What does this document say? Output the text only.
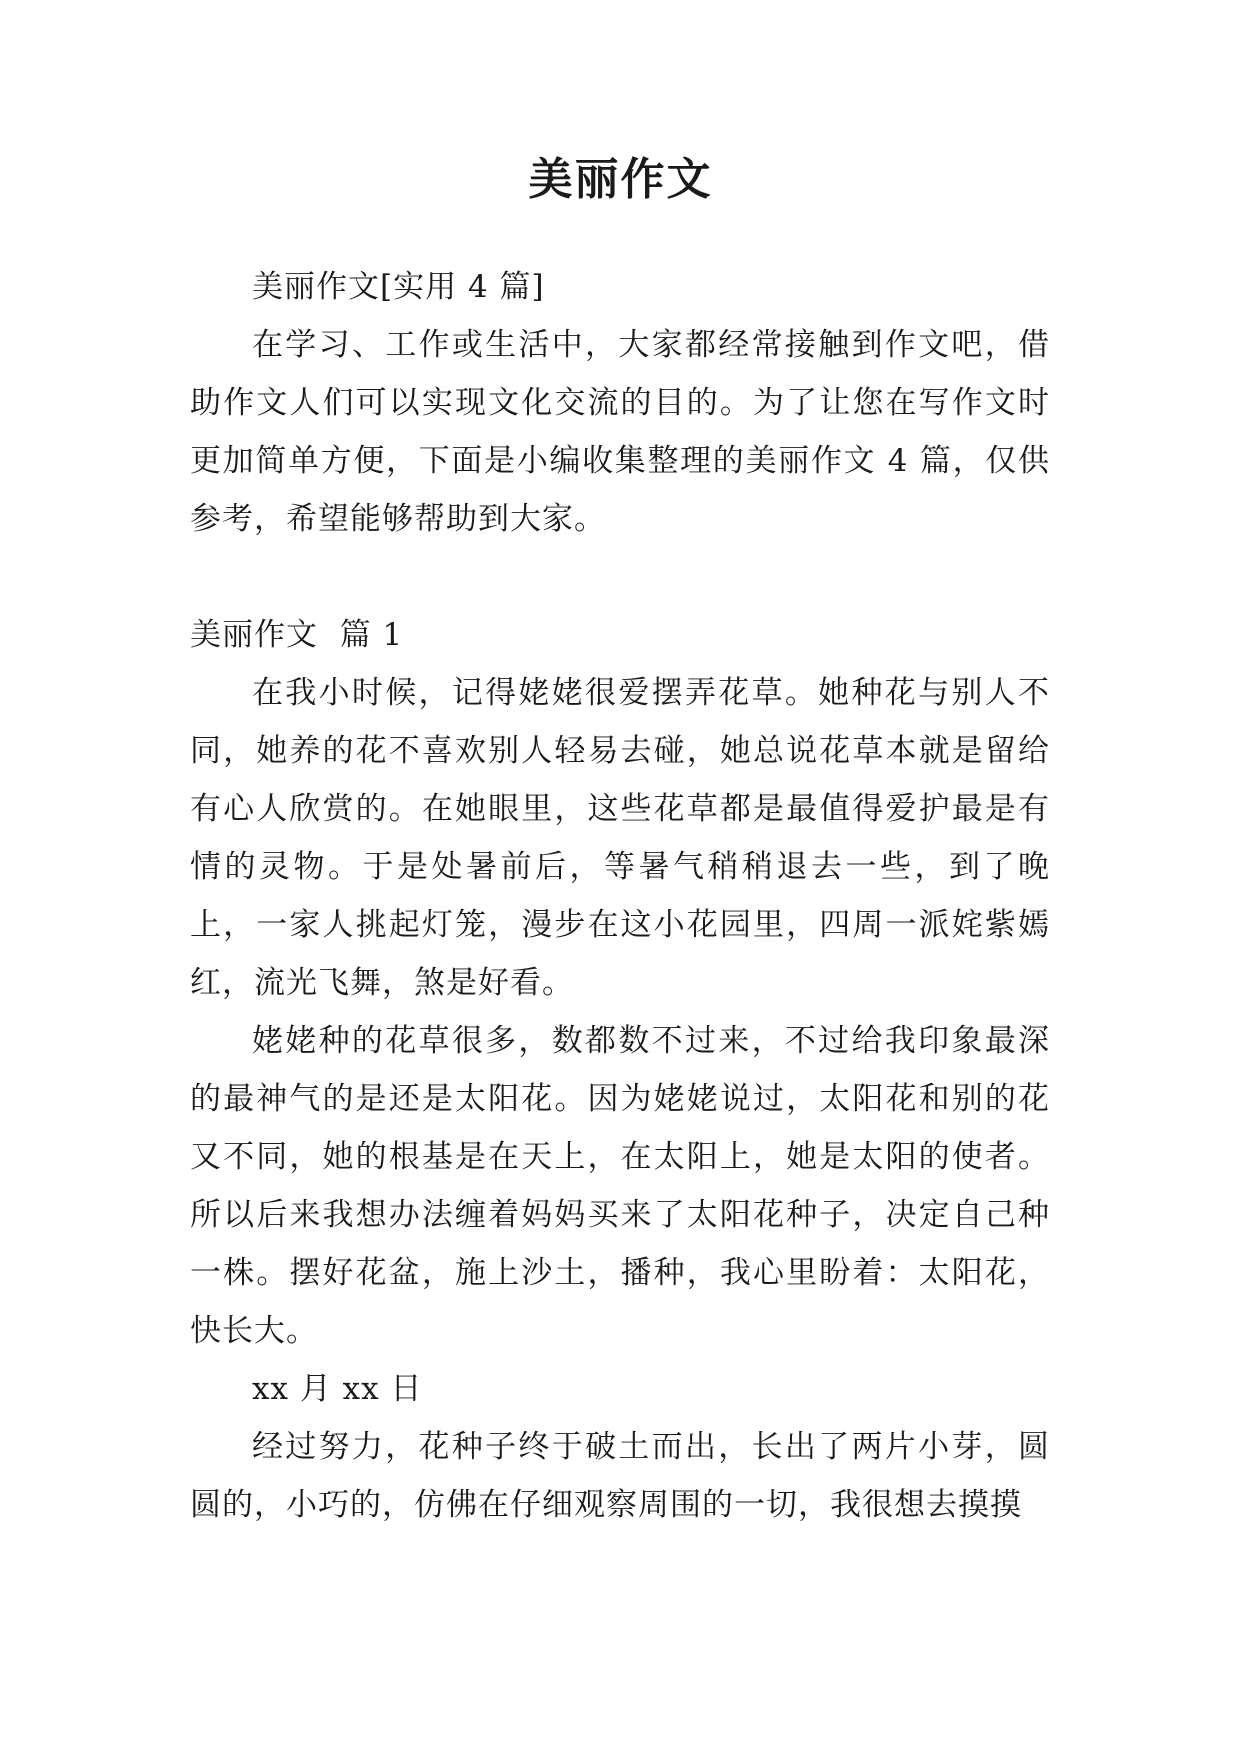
美丽作文

美丽作文[实用 4 篇]

在学习、工作或生活中，大家都经常接触到作文吧，借助作文人们可以实现文化交流的目的。为了让您在写作文时更加简单方便，下面是小编收集整理的美丽作文 4 篇，仅供参考，希望能够帮助到大家。

美丽作文  篇 1

在我小时候，记得姥姥很爱摆弄花草。她种花与别人不同，她养的花不喜欢别人轻易去碰，她总说花草本就是留给有心人欣赏的。在她眼里，这些花草都是最值得爱护最是有情的灵物。于是处暑前后，等暑气稍稍退去一些，到了晚上，一家人挑起灯笼，漫步在这小花园里，四周一派姹紫嫣红，流光飞舞，煞是好看。

姥姥种的花草很多，数都数不过来，不过给我印象最深的最神气的是还是太阳花。因为姥姥说过，太阳花和别的花又不同，她的根基是在天上，在太阳上，她是太阳的使者。所以后来我想办法缠着妈妈买来了太阳花种子，决定自己种一株。摆好花盆，施上沙土，播种，我心里盼着：太阳花，快长大。

xx 月 xx 日

经过努力，花种子终于破土而出，长出了两片小芽，圆圆的，小巧的，仿佛在仔细观察周围的一切，我很想去摸摸
